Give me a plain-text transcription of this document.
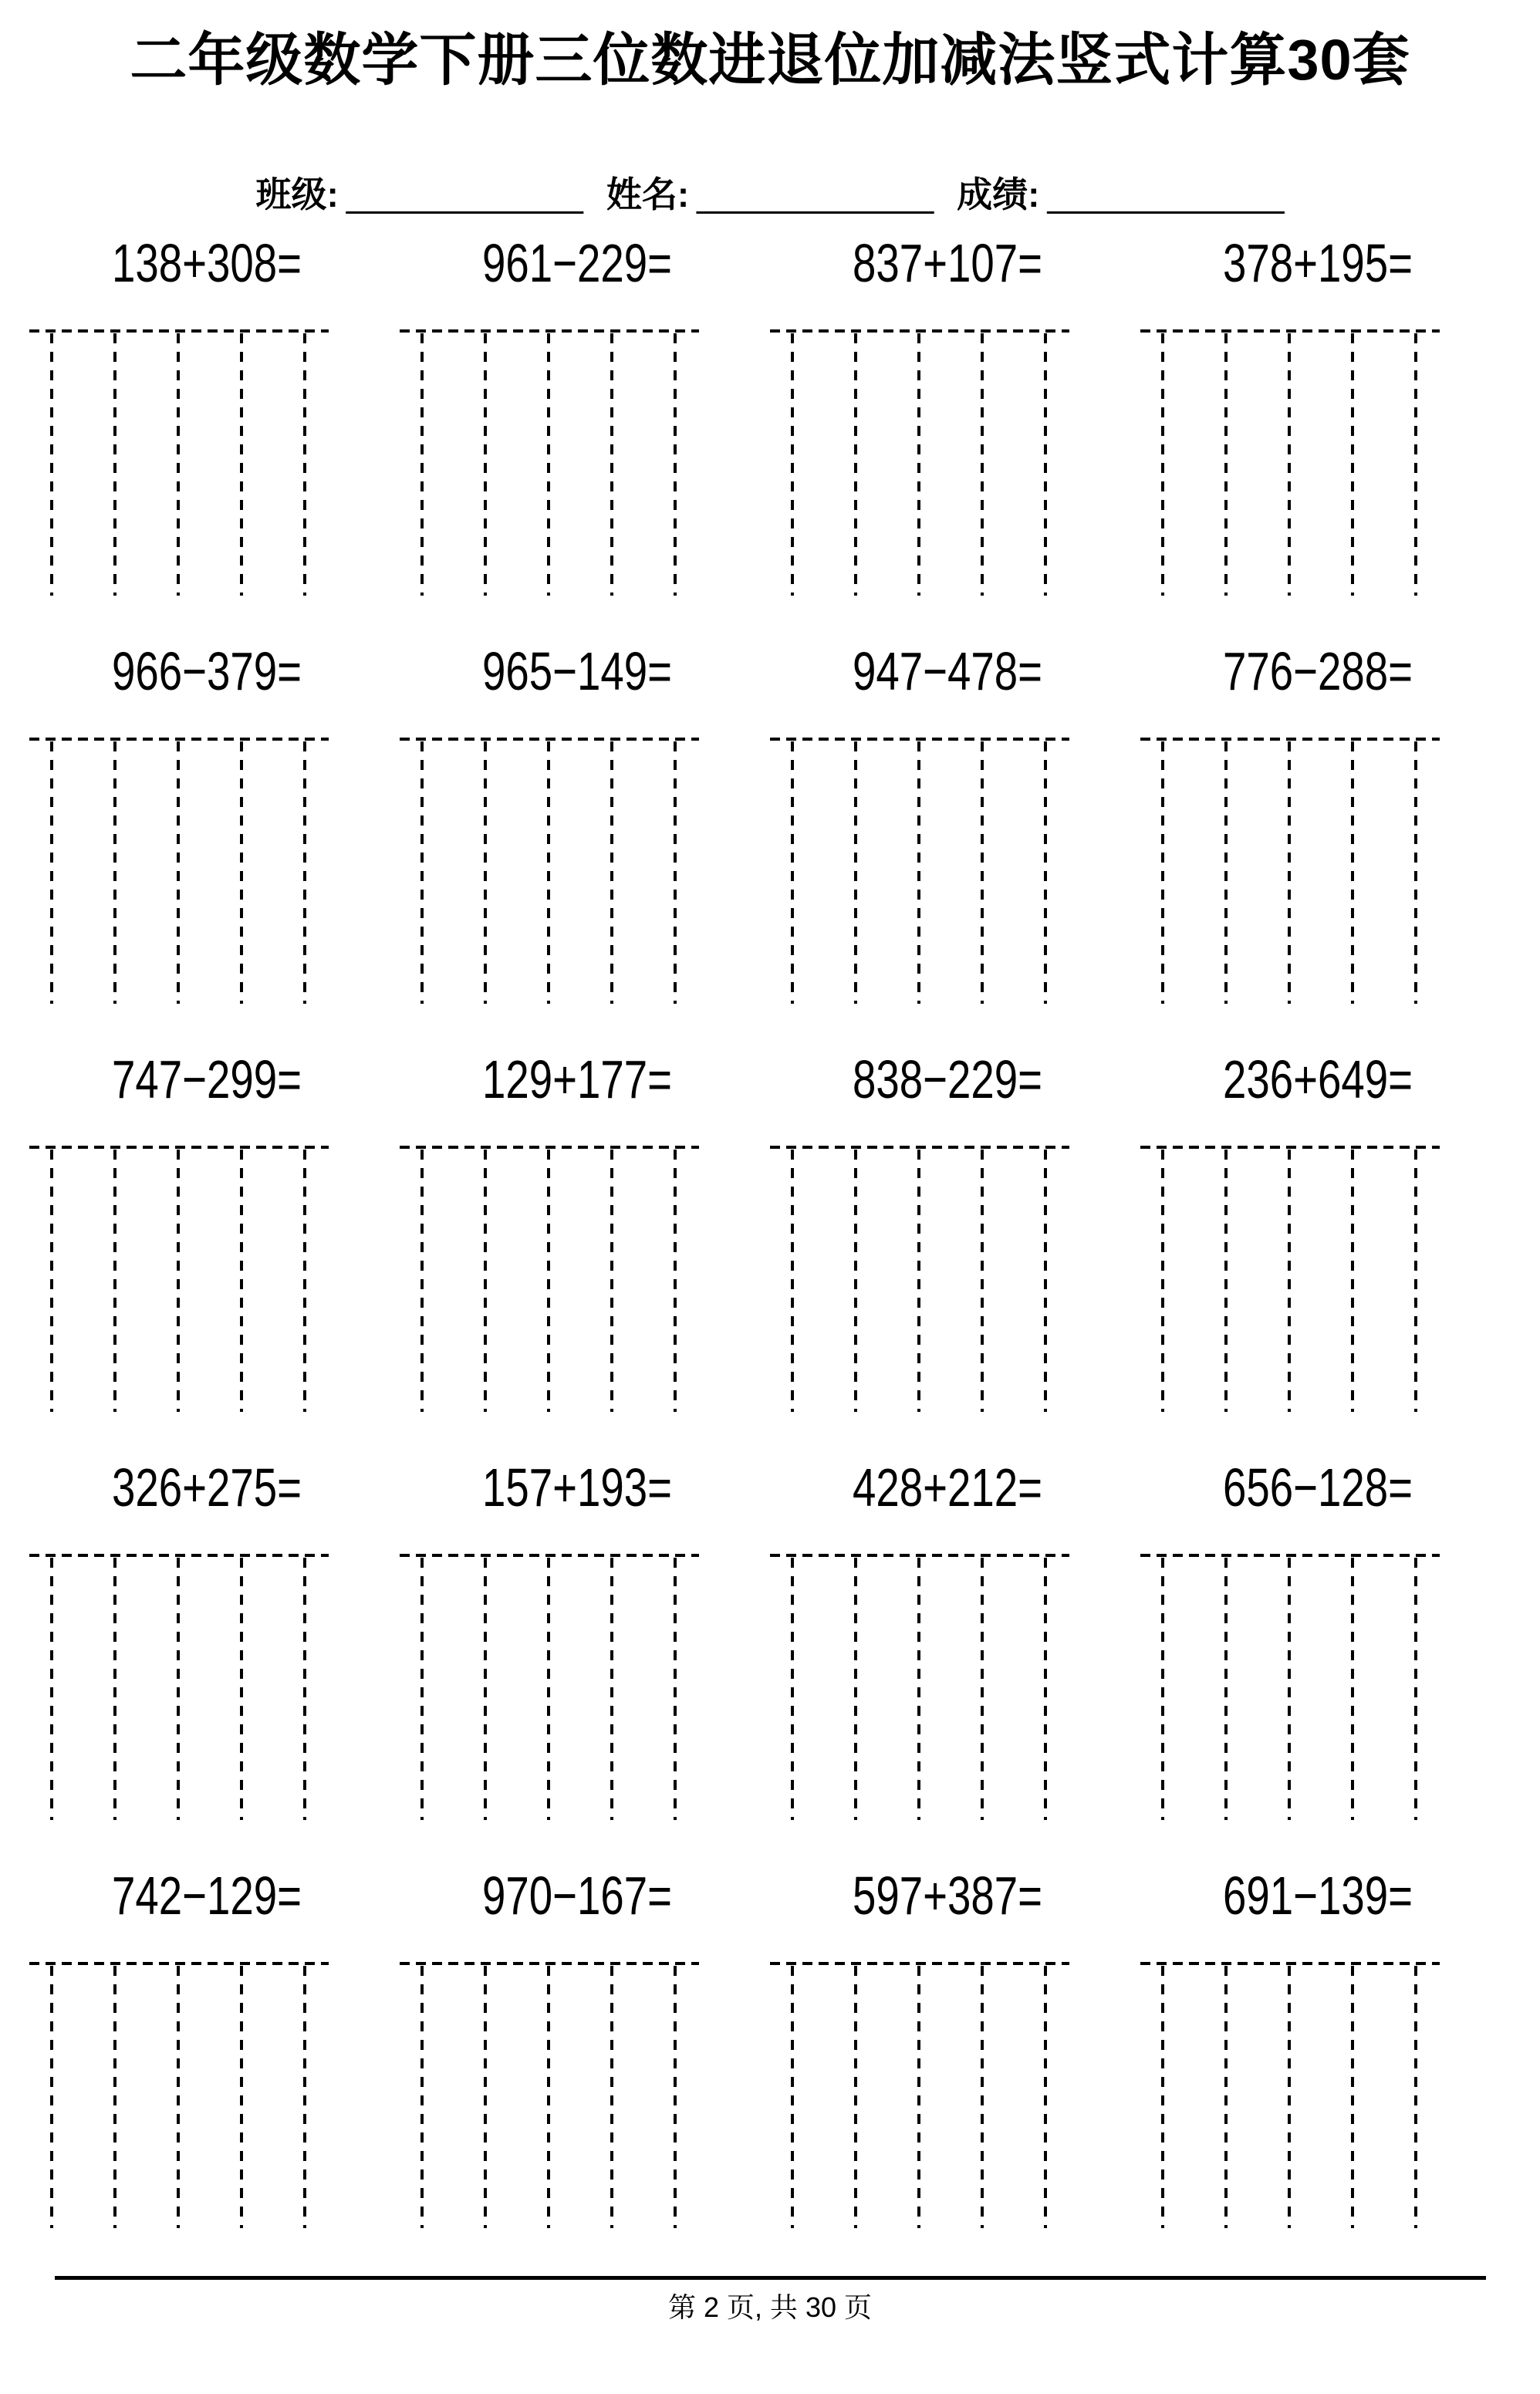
二年级数学下册三位数进退位加减法竖式计算30套
班级: ____________ 姓名: ____________ 成绩: ____________
138+308=	961−229=	837+107=	378+195=
966−379=	965−149=	947−478=	776−288=
747−299=	129+177=	838−229=	236+649=
326+275=	157+193=	428+212=	656−128=
742−129=	970−167=	597+387=	691−139=
第 2 页, 共 30 页
